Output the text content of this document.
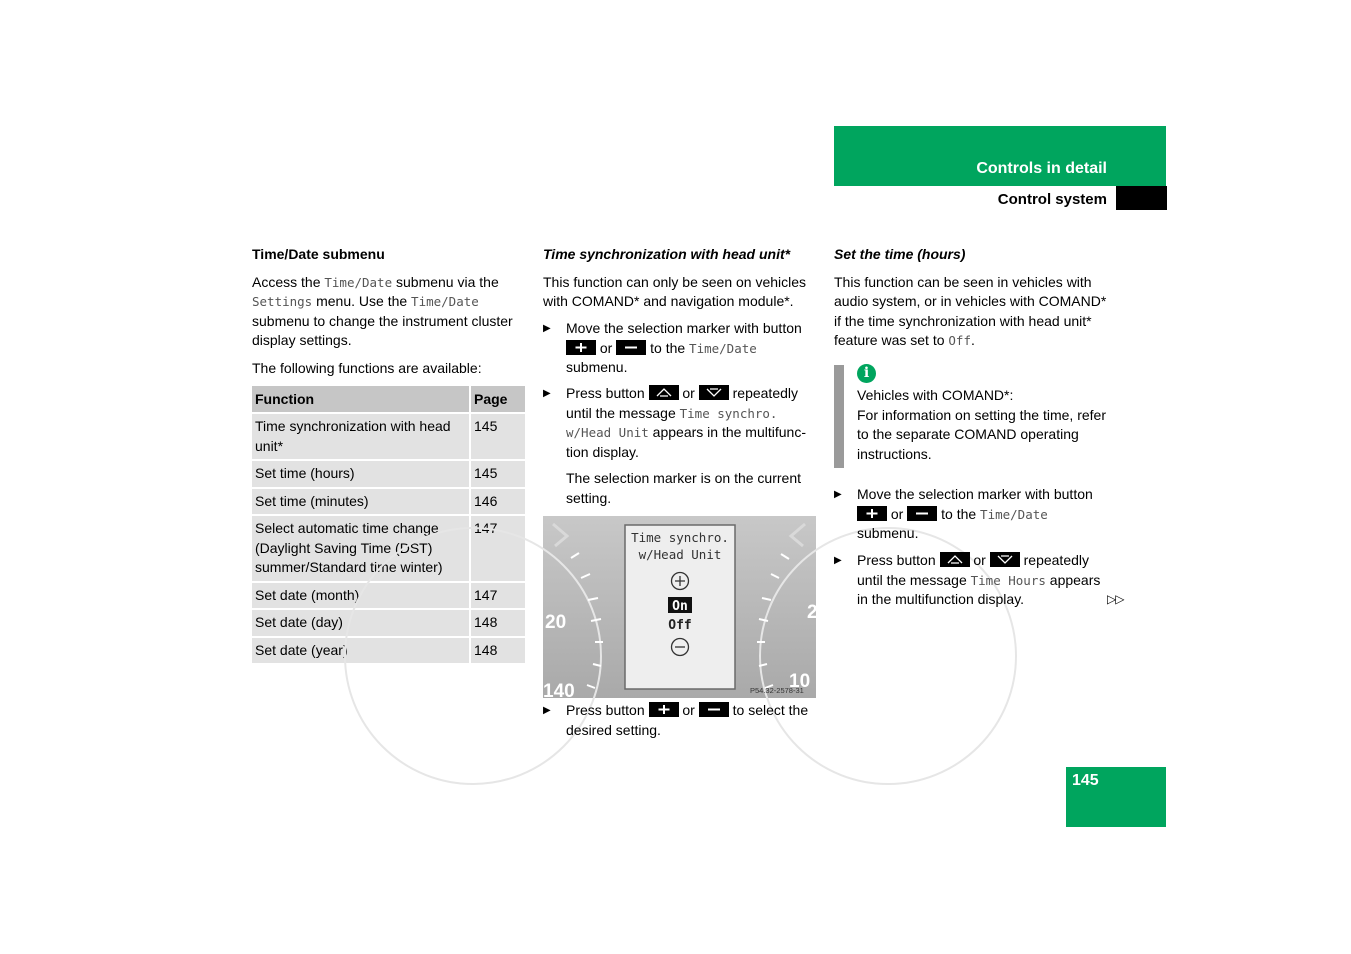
Controls in detail
Control system

Time/Date submenu

Access the Time/Date submenu via the
Settings menu. Use the Time/Date submenu to change the instrument cluster display settings.

The following functions are available:

Function	Page
Time synchronization with head unit*	145
Set time (hours)	145
Set time (minutes)	146
Select automatic time change (Daylight Saving Time (DST) summer/Standard time winter)	147
Set date (month)	147
Set date (day)	148
Set date (year)	148

Time synchronization with head unit*

This function can only be seen on vehicles with COMAND* and navigation module*.

▶ Move the selection marker with button
or
to the Time/Date submenu.
▶ Press button
or
repeatedly until the message Time synchro. w/Head Unit appears in the multifunc-tion display.

The selection marker is on the current setting.

20
140
2
10
Time synchro.
w/Head Unit
On
Off
P54.32-2578-31
▶ Press button
or
to select the desired setting.

Set the time (hours)

This function can be seen in vehicles with audio system, or in vehicles with COMAND* if the time synchronization with head unit* feature was set to Off.

i
Vehicles with COMAND*:
For information on setting the time, refer to the separate COMAND operating instructions.
▶ Move the selection marker with button
or
to the Time/Date submenu.
▶ Press button
or
repeatedly until the message Time Hours appears in the multifunction display.	▷▷
145
